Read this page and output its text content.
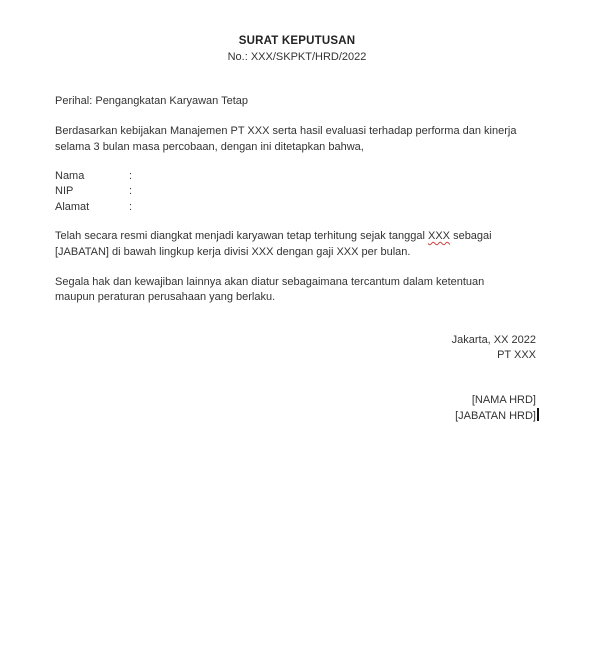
SURAT KEPUTUSAN
No.: XXX/SKPKT/HRD/2022
Perihal: Pengangkatan Karyawan Tetap
Berdasarkan kebijakan Manajemen PT XXX serta hasil evaluasi terhadap performa dan kinerja
selama 3 bulan masa percobaan, dengan ini ditetapkan bahwa,
Nama	:
NIP	:
Alamat	:
Telah secara resmi diangkat menjadi karyawan tetap terhitung sejak tanggal XXX sebagai
[JABATAN] di bawah lingkup kerja divisi XXX dengan gaji XXX per bulan.
Segala hak dan kewajiban lainnya akan diatur sebagaimana tercantum dalam ketentuan
maupun peraturan perusahaan yang berlaku.
Jakarta, XX 2022
PT XXX
[NAMA HRD]
[JABATAN HRD]
